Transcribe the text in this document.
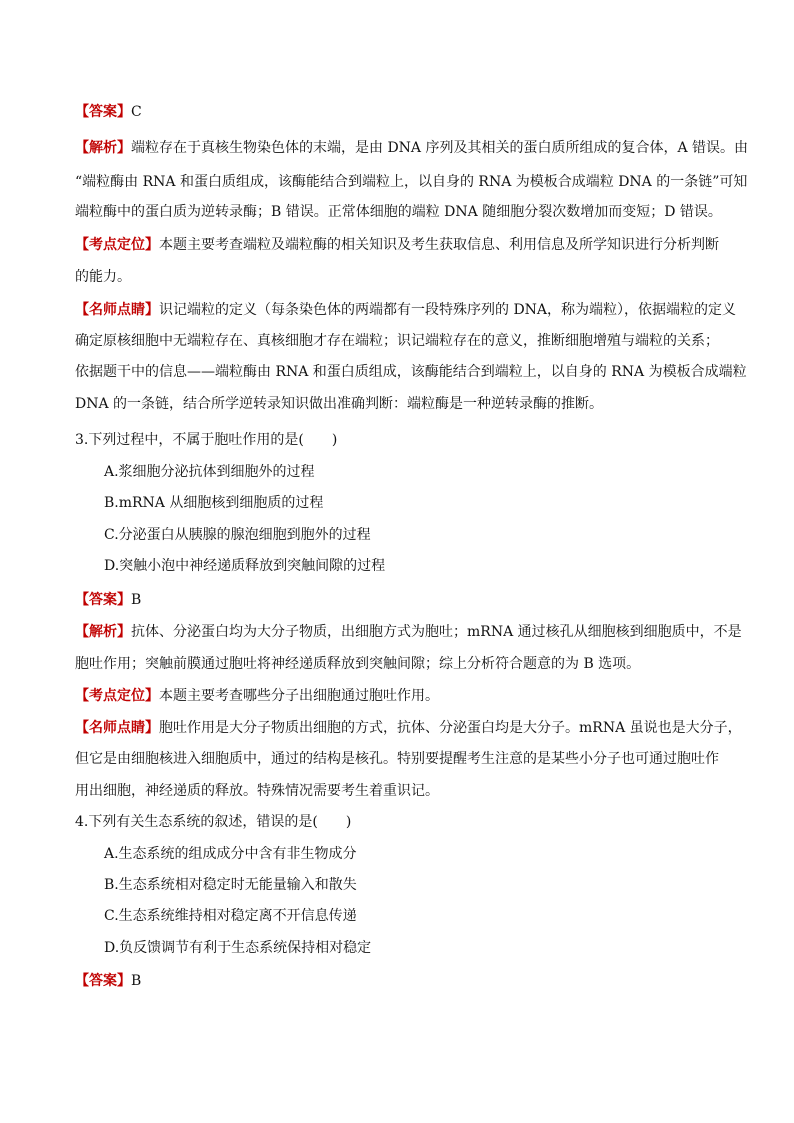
【答案】C
【解析】端粒存在于真核生物染色体的末端，是由 DNA 序列及其相关的蛋白质所组成的复合体，A 错误。由
“端粒酶由 RNA 和蛋白质组成，该酶能结合到端粒上，以自身的 RNA 为模板合成端粒 DNA 的一条链”可知
端粒酶中的蛋白质为逆转录酶；B 错误。正常体细胞的端粒 DNA 随细胞分裂次数增加而变短；D 错误。
【考点定位】本题主要考查端粒及端粒酶的相关知识及考生获取信息、利用信息及所学知识进行分析判断
的能力。
【名师点睛】识记端粒的定义（每条染色体的两端都有一段特殊序列的 DNA，称为端粒），依据端粒的定义
确定原核细胞中无端粒存在、真核细胞才存在端粒；识记端粒存在的意义，推断细胞增殖与端粒的关系；
依据题干中的信息——端粒酶由 RNA 和蛋白质组成，该酶能结合到端粒上，以自身的 RNA 为模板合成端粒
DNA 的一条链，结合所学逆转录知识做出准确判断：端粒酶是一种逆转录酶的推断。
3.下列过程中，不属于胞吐作用的是(　　)
A.浆细胞分泌抗体到细胞外的过程
B.mRNA 从细胞核到细胞质的过程
C.分泌蛋白从胰腺的腺泡细胞到胞外的过程
D.突触小泡中神经递质释放到突触间隙的过程
【答案】B
【解析】抗体、分泌蛋白均为大分子物质，出细胞方式为胞吐；mRNA 通过核孔从细胞核到细胞质中，不是
胞吐作用；突触前膜通过胞吐将神经递质释放到突触间隙；综上分析符合题意的为 B 选项。
【考点定位】本题主要考查哪些分子出细胞通过胞吐作用。
【名师点睛】胞吐作用是大分子物质出细胞的方式，抗体、分泌蛋白均是大分子。mRNA 虽说也是大分子，
但它是由细胞核进入细胞质中，通过的结构是核孔。特别要提醒考生注意的是某些小分子也可通过胞吐作
用出细胞，神经递质的释放。特殊情况需要考生着重识记。
4.下列有关生态系统的叙述，错误的是(　　)
A.生态系统的组成成分中含有非生物成分
B.生态系统相对稳定时无能量输入和散失
C.生态系统维持相对稳定离不开信息传递
D.负反馈调节有利于生态系统保持相对稳定
【答案】B
